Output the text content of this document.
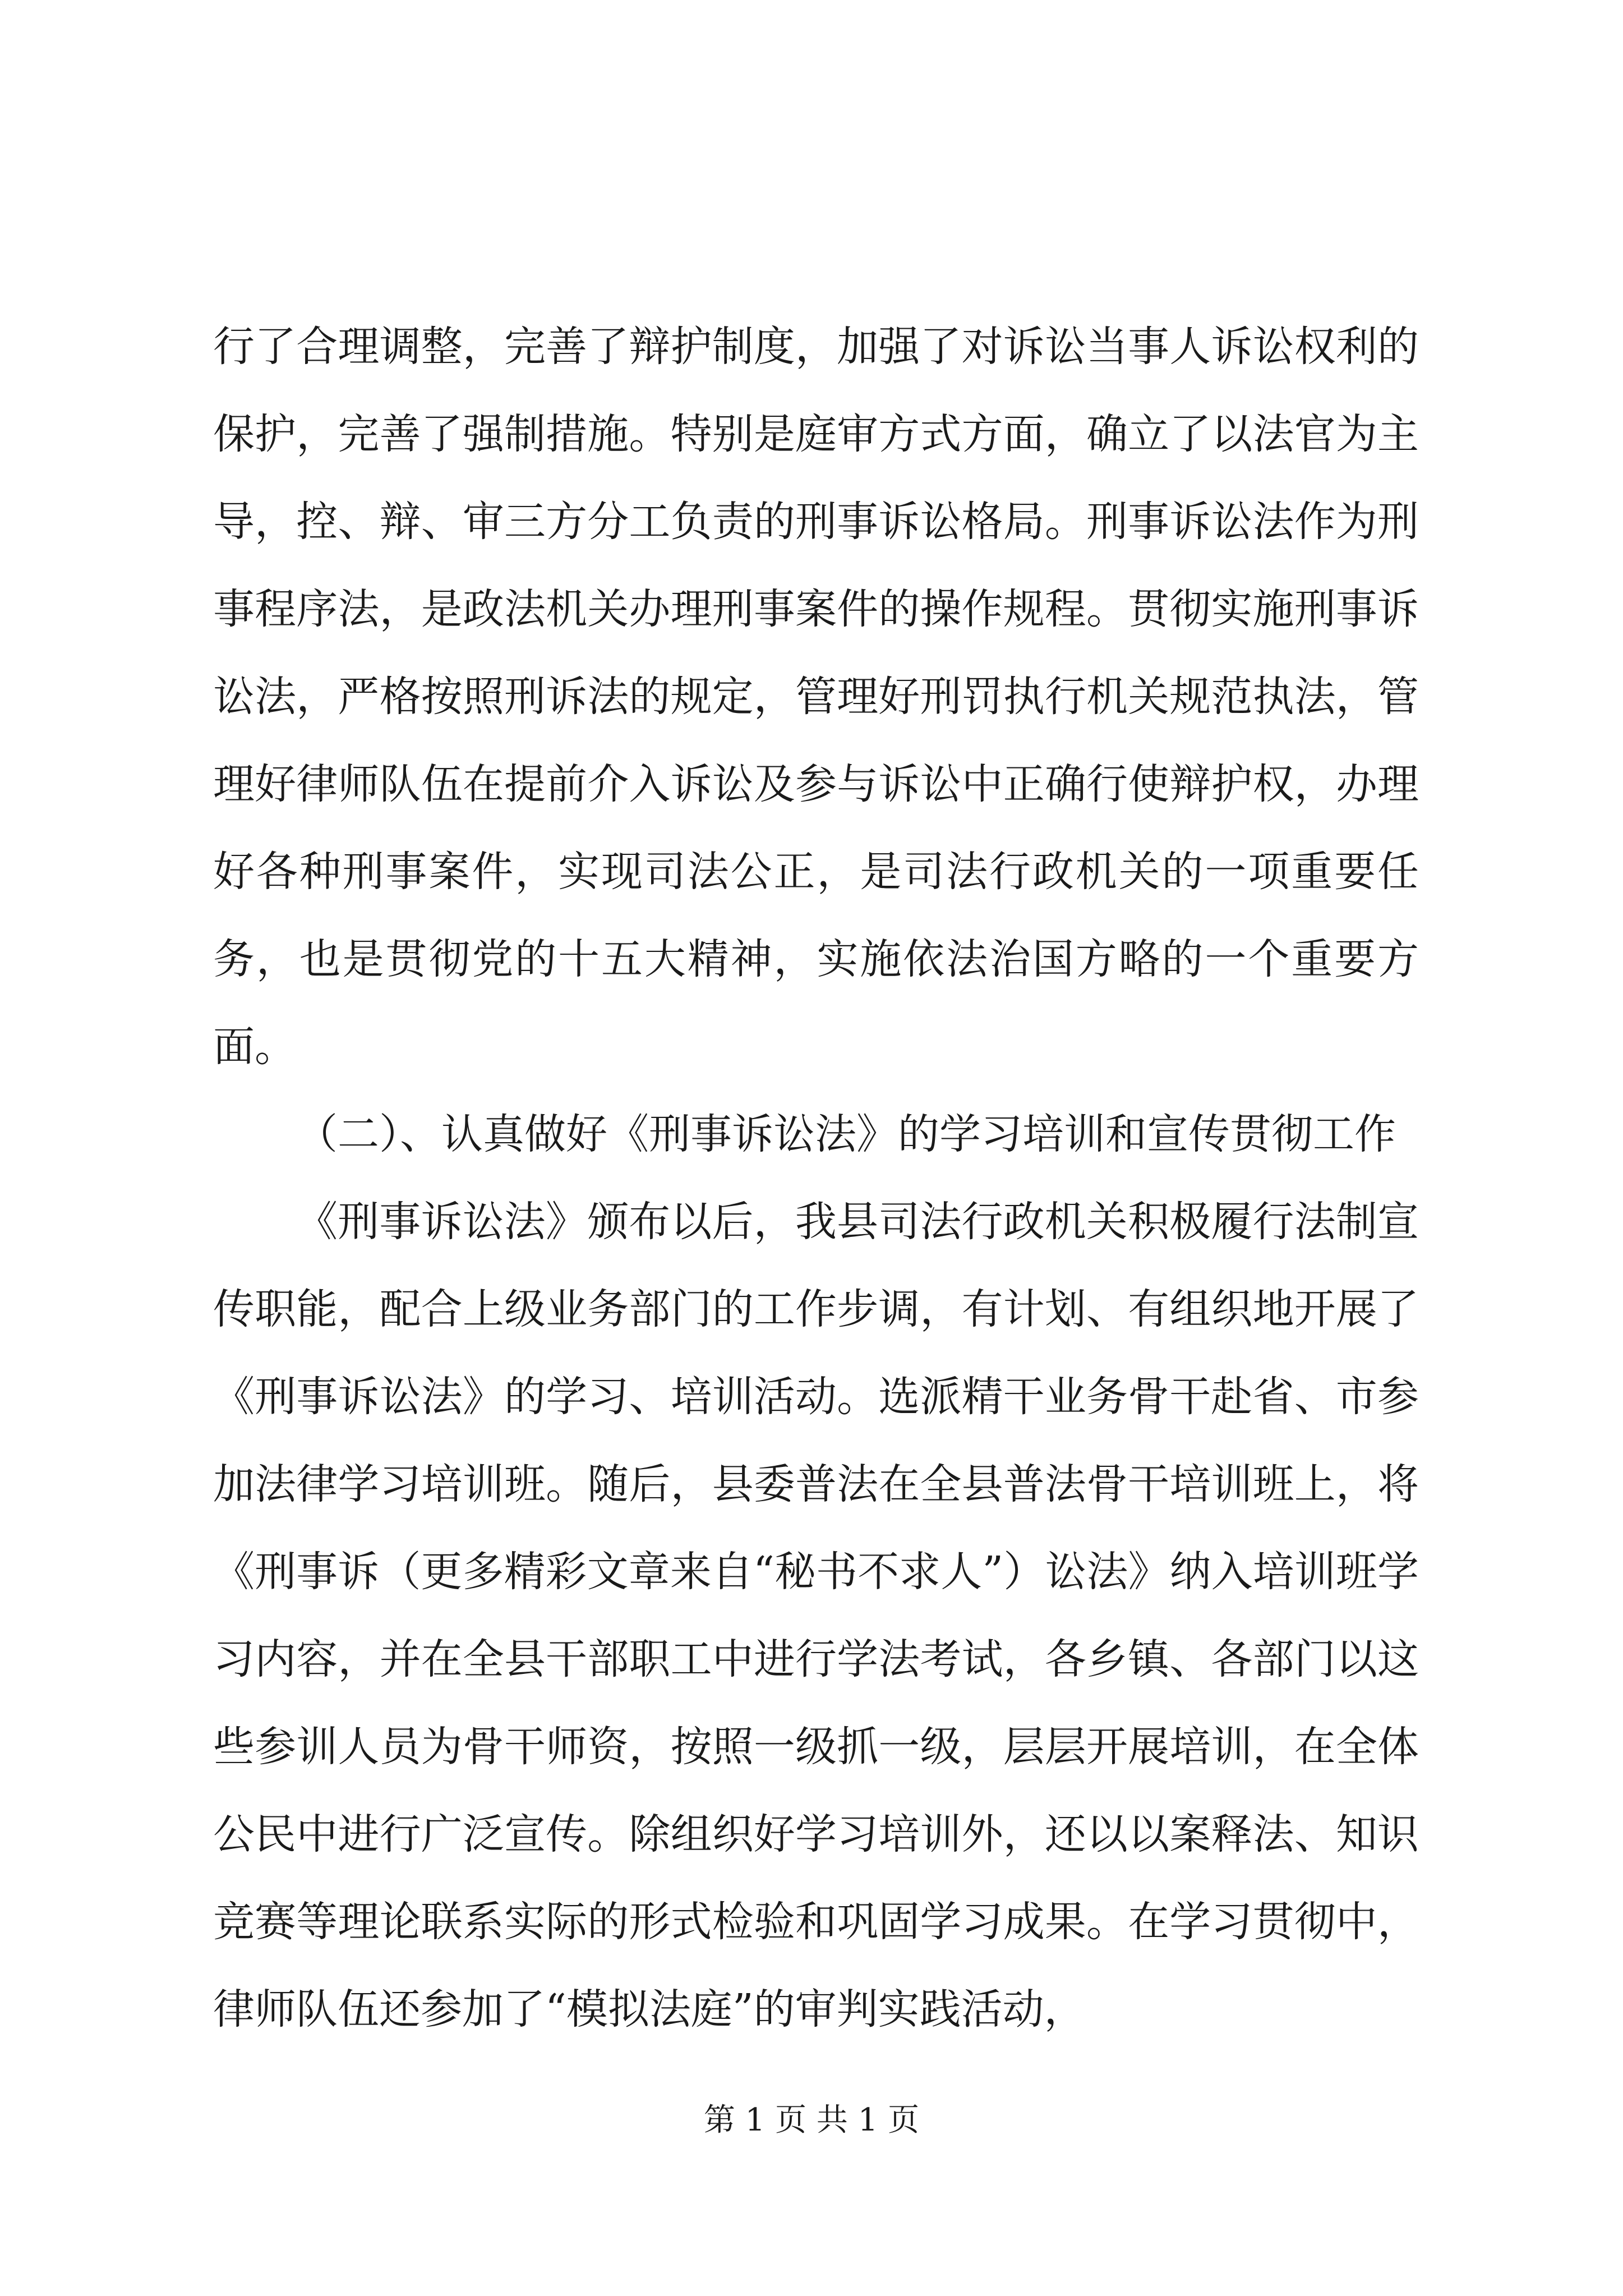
行了合理调整，完善了辩护制度，加强了对诉讼当事人诉讼权利的保护，完善了强制措施。特别是庭审方式方面，确立了以法官为主导，控、辩、审三方分工负责的刑事诉讼格局。刑事诉讼法作为刑事程序法，是政法机关办理刑事案件的操作规程。贯彻实施刑事诉讼法，严格按照刑诉法的规定，管理好刑罚执行机关规范执法，管理好律师队伍在提前介入诉讼及参与诉讼中正确行使辩护权，办理好各种刑事案件，实现司法公正，是司法行政机关的一项重要任务，也是贯彻党的十五大精神，实施依法治国方略的一个重要方面。

（二）、认真做好《刑事诉讼法》的学习培训和宣传贯彻工作

《刑事诉讼法》颁布以后，我县司法行政机关积极履行法制宣传职能，配合上级业务部门的工作步调，有计划、有组织地开展了《刑事诉讼法》的学习、培训活动。选派精干业务骨干赴省、市参加法律学习培训班。随后，县委普法在全县普法骨干培训班上，将《刑事诉（更多精彩文章来自“秘书不求人”）讼法》纳入培训班学习内容，并在全县干部职工中进行学法考试，各乡镇、各部门以这些参训人员为骨干师资，按照一级抓一级，层层开展培训，在全体公民中进行广泛宣传。除组织好学习培训外，还以以案释法、知识竞赛等理论联系实际的形式检验和巩固学习成果。在学习贯彻中，律师队伍还参加了“模拟法庭”的审判实践活动，

第 1 页 共 1 页
